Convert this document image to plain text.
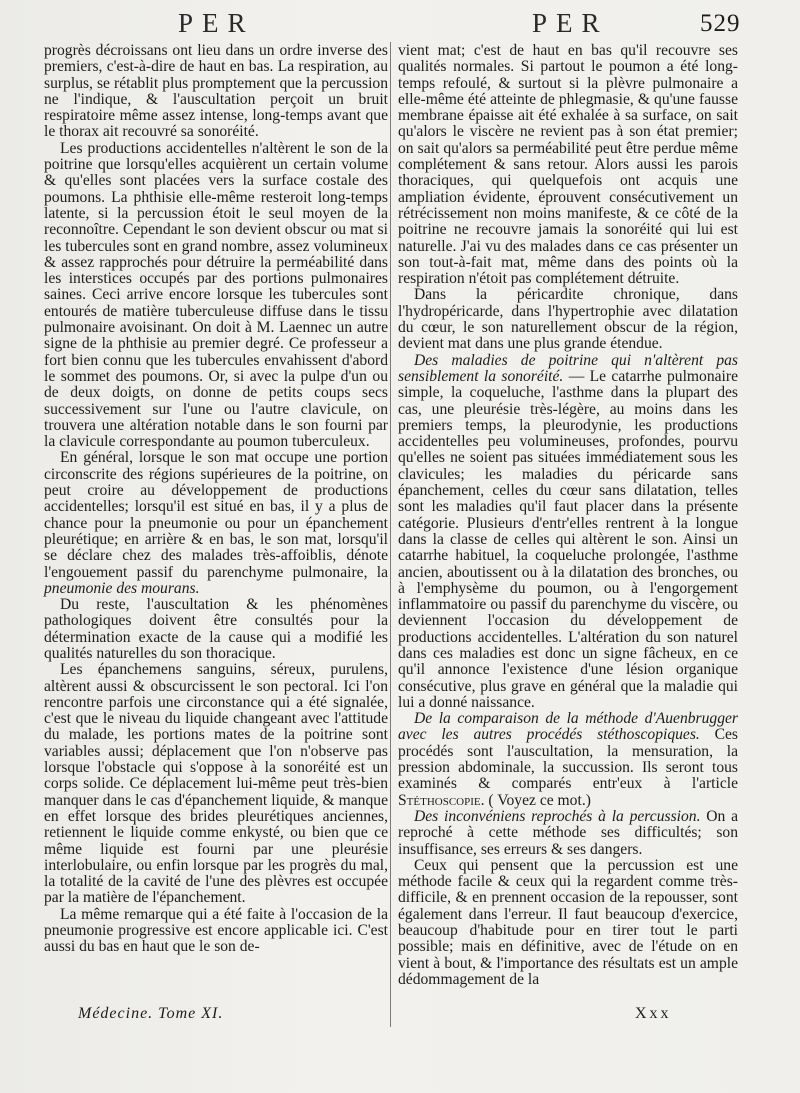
PER	PER	529

progrès décroissans ont lieu dans un ordre inverse des premiers, c'est-à-dire de haut en bas. La respiration, au surplus, se rétablit plus promptement que la percussion ne l'indique, & l'auscultation perçoit un bruit respiratoire même assez intense, long-temps avant que le thorax ait recouvré sa sonoréité.

Les productions accidentelles n'altèrent le son de la poitrine que lorsqu'elles acquièrent un certain volume & qu'elles sont placées vers la surface costale des poumons. La phthisie elle-même resteroit long-temps latente, si la percussion étoit le seul moyen de la reconnoître. Cependant le son devient obscur ou mat si les tubercules sont en grand nombre, assez volumineux & assez rapprochés pour détruire la perméabilité dans les interstices occupés par des portions pulmonaires saines. Ceci arrive encore lorsque les tubercules sont entourés de matière tuberculeuse diffuse dans le tissu pulmonaire avoisinant. On doit à M. Laennec un autre signe de la phthisie au premier degré. Ce professeur a fort bien connu que les tubercules envahissent d'abord le sommet des poumons. Or, si avec la pulpe d'un ou de deux doigts, on donne de petits coups secs successivement sur l'une ou l'autre clavicule, on trouvera une altération notable dans le son fourni par la clavicule correspondante au poumon tuberculeux.

En général, lorsque le son mat occupe une portion circonscrite des régions supérieures de la poitrine, on peut croire au développement de productions accidentelles; lorsqu'il est situé en bas, il y a plus de chance pour la pneumonie ou pour un épanchement pleurétique; en arrière & en bas, le son mat, lorsqu'il se déclare chez des malades très-affoiblis, dénote l'engouement passif du parenchyme pulmonaire, la pneumonie des mourans.

Du reste, l'auscultation & les phénomènes pathologiques doivent être consultés pour la détermination exacte de la cause qui a modifié les qualités naturelles du son thoracique.

Les épanchemens sanguins, séreux, purulens, altèrent aussi & obscurcissent le son pectoral. Ici l'on rencontre parfois une circonstance qui a été signalée, c'est que le niveau du liquide changeant avec l'attitude du malade, les portions mates de la poitrine sont variables aussi; déplacement que l'on n'observe pas lorsque l'obstacle qui s'oppose à la sonoréité est un corps solide. Ce déplacement lui-même peut très-bien manquer dans le cas d'épanchement liquide, & manque en effet lorsque des brides pleurétiques anciennes, retiennent le liquide comme enkysté, ou bien que ce même liquide est fourni par une pleurésie interlobulaire, ou enfin lorsque par les progrès du mal, la totalité de la cavité de l'une des plèvres est occupée par la matière de l'épanchement.

La même remarque qui a été faite à l'occasion de la pneumonie progressive est encore applicable ici. C'est aussi du bas en haut que le son de-

vient mat; c'est de haut en bas qu'il recouvre ses qualités normales. Si partout le poumon a été long-temps refoulé, & surtout si la plèvre pulmonaire a elle-même été atteinte de phlegmasie, & qu'une fausse membrane épaisse ait été exhalée à sa surface, on sait qu'alors le viscère ne revient pas à son état premier; on sait qu'alors sa perméabilité peut être perdue même complétement & sans retour. Alors aussi les parois thoraciques, qui quelquefois ont acquis une ampliation évidente, éprouvent consécutivement un rétrécissement non moins manifeste, & ce côté de la poitrine ne recouvre jamais la sonoréité qui lui est naturelle. J'ai vu des malades dans ce cas présenter un son tout-à-fait mat, même dans des points où la respiration n'étoit pas complétement détruite.

Dans la péricardite chronique, dans l'hydropéricarde, dans l'hypertrophie avec dilatation du cœur, le son naturellement obscur de la région, devient mat dans une plus grande étendue.

Des maladies de poitrine qui n'altèrent pas sensiblement la sonoréité. — Le catarrhe pulmonaire simple, la coqueluche, l'asthme dans la plupart des cas, une pleurésie très-légère, au moins dans les premiers temps, la pleurodynie, les productions accidentelles peu volumineuses, profondes, pourvu qu'elles ne soient pas situées immédiatement sous les clavicules; les maladies du péricarde sans épanchement, celles du cœur sans dilatation, telles sont les maladies qu'il faut placer dans la présente catégorie. Plusieurs d'entr'elles rentrent à la longue dans la classe de celles qui altèrent le son. Ainsi un catarrhe habituel, la coqueluche prolongée, l'asthme ancien, aboutissent ou à la dilatation des bronches, ou à l'emphysème du poumon, ou à l'engorgement inflammatoire ou passif du parenchyme du viscère, ou deviennent l'occasion du développement de productions accidentelles. L'altération du son naturel dans ces maladies est donc un signe fâcheux, en ce qu'il annonce l'existence d'une lésion organique consécutive, plus grave en général que la maladie qui lui a donné naissance.

De la comparaison de la méthode d'Auenbrugger avec les autres procédés stéthoscopiques. Ces procédés sont l'auscultation, la mensuration, la pression abdominale, la succussion. Ils seront tous examinés & comparés entr'eux à l'article Stéthoscopie. ( Voyez ce mot.)

Des inconvéniens reprochés à la percussion. On a reproché à cette méthode ses difficultés; son insuffisance, ses erreurs & ses dangers.

Ceux qui pensent que la percussion est une méthode facile & ceux qui la regardent comme très-difficile, & en prennent occasion de la repousser, sont également dans l'erreur. Il faut beaucoup d'exercice, beaucoup d'habitude pour en tirer tout le parti possible; mais en définitive, avec de l'étude on en vient à bout, & l'importance des résultats est un ample dédommagement de la

Médecine. Tome XI.	Xxx
